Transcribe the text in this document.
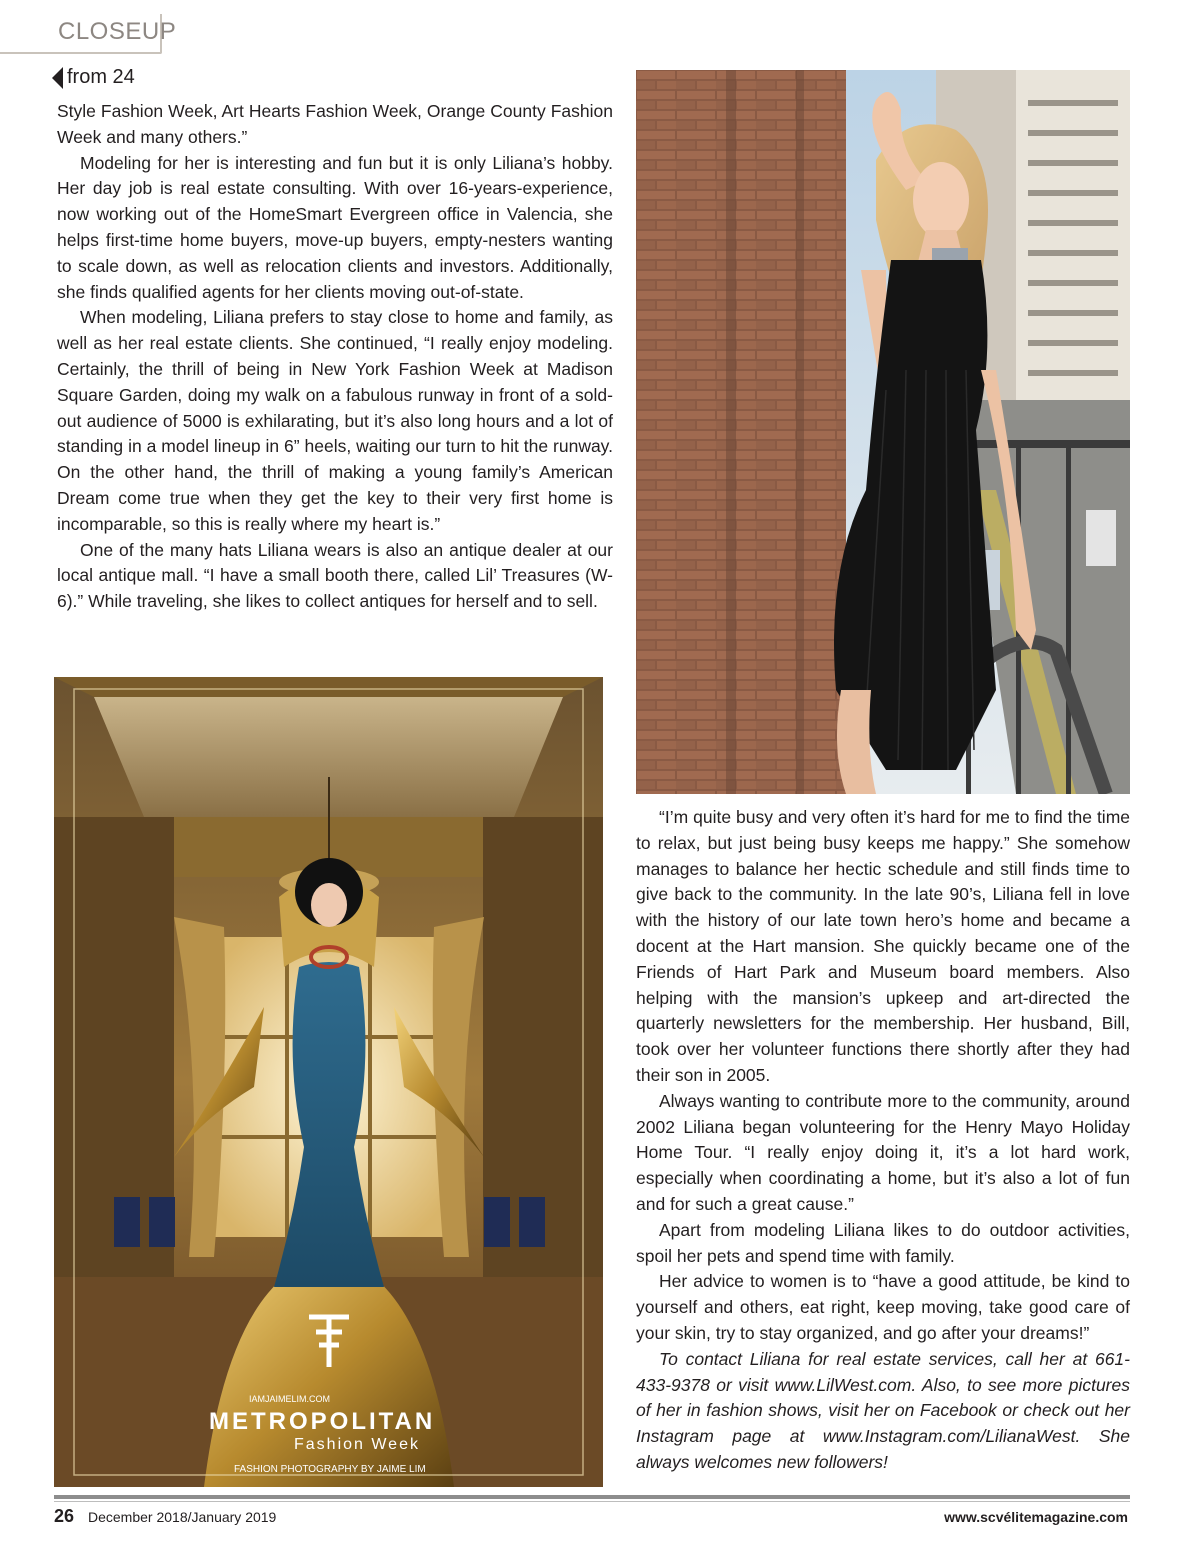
CLOSEUP
from 24

Style Fashion Week, Art Hearts Fashion Week, Orange County Fashion Week and many others.”

Modeling for her is interesting and fun but it is only Liliana’s hobby. Her day job is real estate consulting. With over 16-years-experience, now working out of the HomeSmart Evergreen office in Valencia, she helps first-time home buyers, move-up buyers, empty-nesters wanting to scale down, as well as relocation clients and investors. Additionally, she finds qualified agents for her clients moving out-of-state.

When modeling, Liliana prefers to stay close to home and family, as well as her real estate clients. She continued, “I really enjoy modeling. Certainly, the thrill of being in New York Fashion Week at Madison Square Garden, doing my walk on a fabulous runway in front of a sold-out audience of 5000 is exhilarating, but it’s also long hours and a lot of standing in a model lineup in 6” heels, waiting our turn to hit the runway. On the other hand, the thrill of making a young family’s American Dream come true when they get the key to their very first home is incomparable, so this is really where my heart is.”

One of the many hats Liliana wears is also an antique dealer at our local antique mall. “I have a small booth there, called Lil’ Treasures (W-6).” While traveling, she likes to collect antiques for herself and to sell.

IAMJAIMELIM.COM
METROPOLITAN
Fashion Week
FASHION PHOTOGRAPHY BY JAIME LIM

“I’m quite busy and very often it’s hard for me to find the time to relax, but just being busy keeps me happy.” She somehow manages to balance her hectic schedule and still finds time to give back to the community. In the late 90’s, Liliana fell in love with the history of our late town hero’s home and became a docent at the Hart mansion. She quickly became one of the Friends of Hart Park and Museum board members. Also helping with the mansion’s upkeep and art-directed the quarterly newsletters for the membership. Her husband, Bill, took over her volunteer functions there shortly after they had their son in 2005.

Always wanting to contribute more to the community, around 2002 Liliana began volunteering for the Henry Mayo Holiday Home Tour. “I really enjoy doing it, it’s a lot hard work, especially when coordinating a home, but it’s also a lot of fun and for such a great cause.”

Apart from modeling Liliana likes to do outdoor activities, spoil her pets and spend time with family.

Her advice to women is to “have a good attitude, be kind to yourself and others, eat right, keep moving, take good care of your skin, try to stay organized, and go after your dreams!”

To contact Liliana for real estate services, call her at 661-433-9378 or visit www.LilWest.com. Also, to see more pictures of her in fashion shows, visit her on Facebook or check out her Instagram page at www.Instagram.com/LilianaWest. She always welcomes new followers!

26 December 2018/January 2019	www.scvélitemagazine.com
